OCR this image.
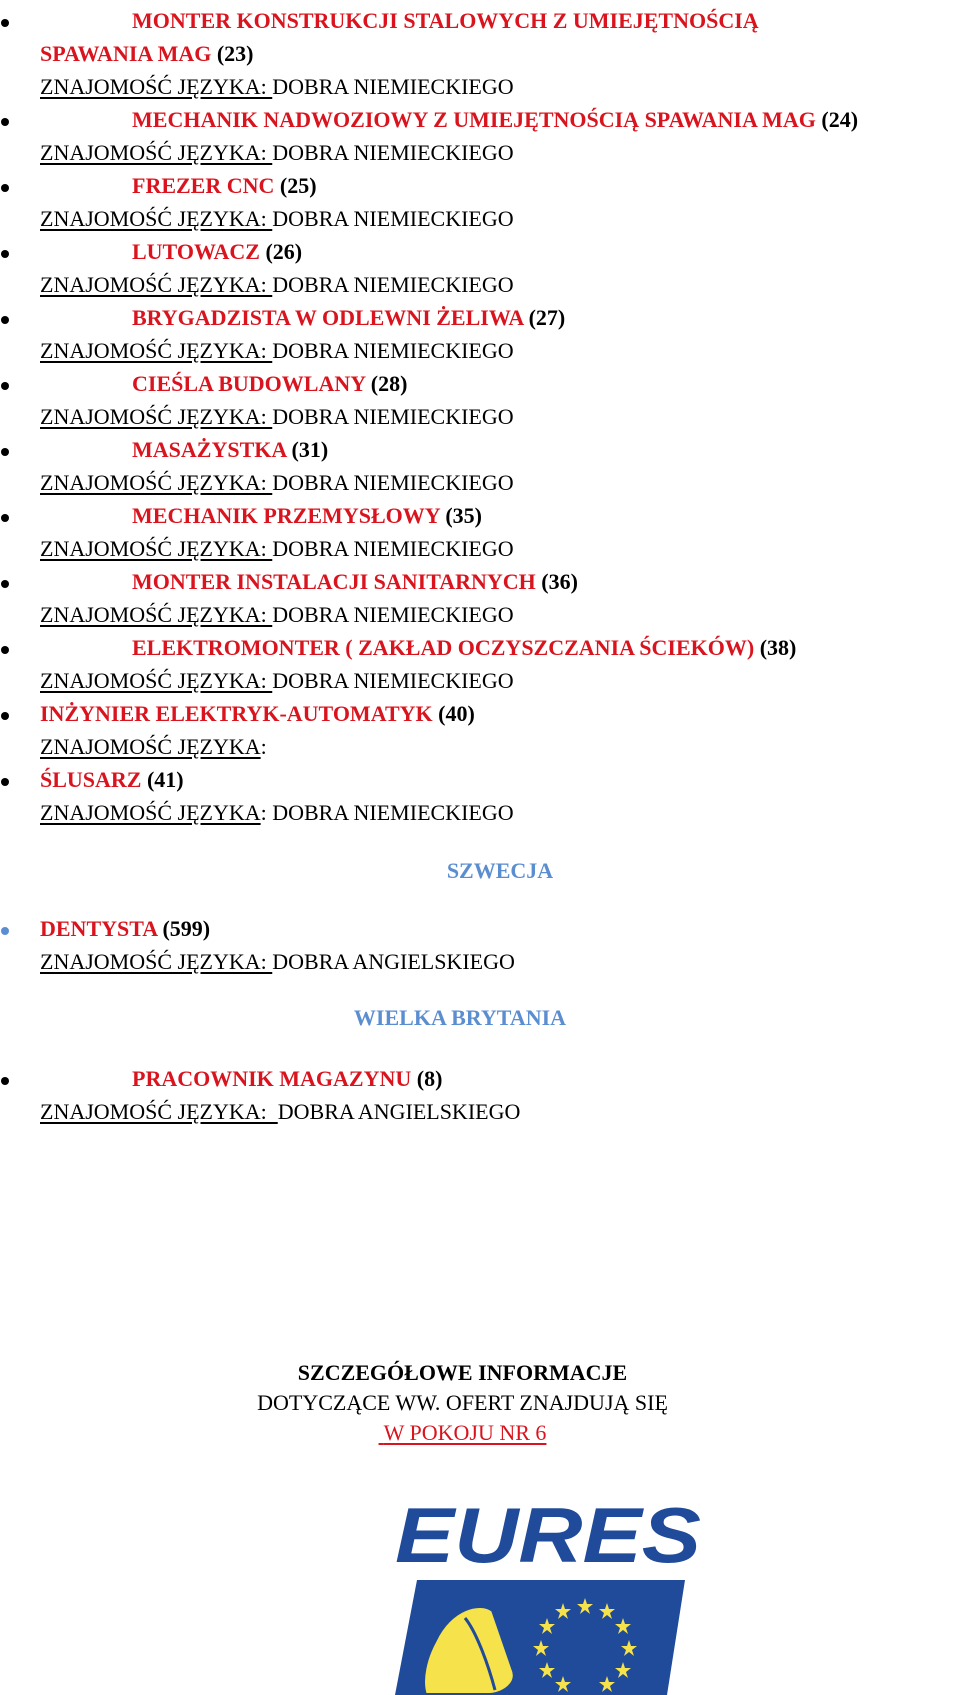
MONTER KONSTRUKCJI STALOWYCH Z UMIEJĘTNOŚCIĄ
SPAWANIA MAG (23)
ZNAJOMOŚĆ JĘZYKA: DOBRA NIEMIECKIEGO
MECHANIK NADWOZIOWY Z UMIEJĘTNOŚCIĄ SPAWANIA MAG (24)
ZNAJOMOŚĆ JĘZYKA: DOBRA NIEMIECKIEGO
FREZER CNC (25)
ZNAJOMOŚĆ JĘZYKA: DOBRA NIEMIECKIEGO
LUTOWACZ (26)
ZNAJOMOŚĆ JĘZYKA: DOBRA NIEMIECKIEGO
BRYGADZISTA W ODLEWNI ŻELIWA (27)
ZNAJOMOŚĆ JĘZYKA: DOBRA NIEMIECKIEGO
CIEŚLA BUDOWLANY (28)
ZNAJOMOŚĆ JĘZYKA: DOBRA NIEMIECKIEGO
MASAŻYSTKA (31)
ZNAJOMOŚĆ JĘZYKA: DOBRA NIEMIECKIEGO
MECHANIK PRZEMYSŁOWY (35)
ZNAJOMOŚĆ JĘZYKA: DOBRA NIEMIECKIEGO
MONTER INSTALACJI SANITARNYCH (36)
ZNAJOMOŚĆ JĘZYKA: DOBRA NIEMIECKIEGO
ELEKTROMONTER ( ZAKŁAD OCZYSZCZANIA ŚCIEKÓW) (38)
ZNAJOMOŚĆ JĘZYKA: DOBRA NIEMIECKIEGO
INŻYNIER ELEKTRYK-AUTOMATYK (40)
ZNAJOMOŚĆ JĘZYKA:
ŚLUSARZ (41)
ZNAJOMOŚĆ JĘZYKA: DOBRA NIEMIECKIEGO
SZWECJA
DENTYSTA (599)
ZNAJOMOŚĆ JĘZYKA: DOBRA ANGIELSKIEGO
WIELKA BRYTANIA
PRACOWNIK MAGAZYNU (8)
ZNAJOMOŚĆ JĘZYKA:  DOBRA ANGIELSKIEGO
SZCZEGÓŁOWE INFORMACJE
DOTYCZĄCE WW. OFERT ZNAJDUJĄ SIĘ
W POKOJU NR 6
EURES
